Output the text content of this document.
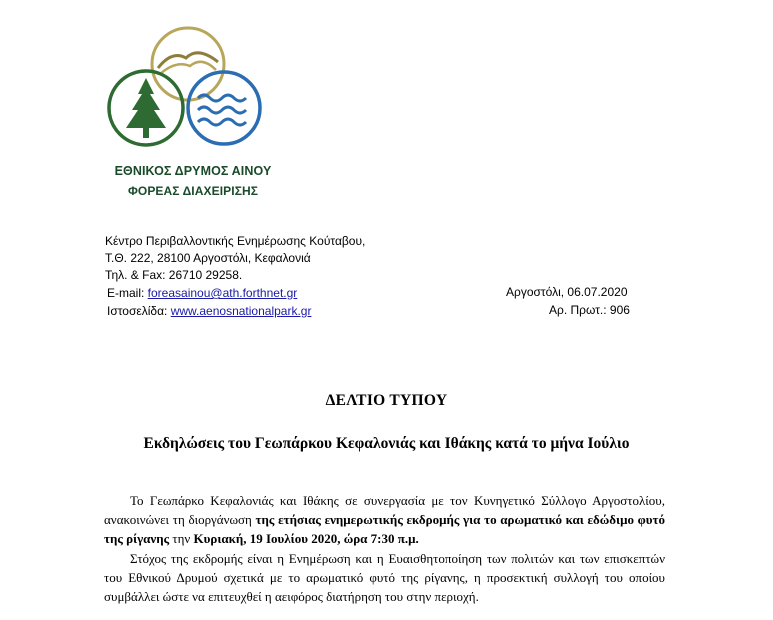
ΕΘΝΙΚΟΣ ΔΡΥΜΟΣ ΑΙΝΟΥ
ΦΟΡΕΑΣ ΔΙΑΧΕΙΡΙΣΗΣ
Κέντρο Περιβαλλοντικής Ενημέρωσης Κούταβου,
Τ.Θ. 222, 28100 Αργοστόλι, Κεφαλονιά
Τηλ. & Fax: 26710 29258.
E-mail: foreasainou@ath.forthnet.gr
Ιστοσελίδα: www.aenosnationalpark.gr
Αργοστόλι, 06.07.2020
Αρ. Πρωτ.: 906
ΔΕΛΤΙΟ ΤΥΠΟΥ
Εκδηλώσεις του Γεωπάρκου Κεφαλονιάς και Ιθάκης κατά το μήνα Ιούλιο
Το Γεωπάρκο Κεφαλονιάς και Ιθάκης σε συνεργασία με τον Κυνηγετικό Σύλλογο Αργοστολίου, ανακοινώνει τη διοργάνωση της ετήσιας ενημερωτικής εκδρομής για το αρωματικό και εδώδιμο φυτό της ρίγανης την Κυριακή, 19 Ιουλίου 2020, ώρα 7:30 π.μ.
Στόχος της εκδρομής είναι η Ενημέρωση και η Ευαισθητοποίηση των πολιτών και των επισκεπτών του Εθνικού Δρυμού σχετικά με το αρωματικό φυτό της ρίγανης, η προσεκτική συλλογή του οποίου συμβάλλει ώστε να επιτευχθεί η αειφόρος διατήρηση του στην περιοχή.
